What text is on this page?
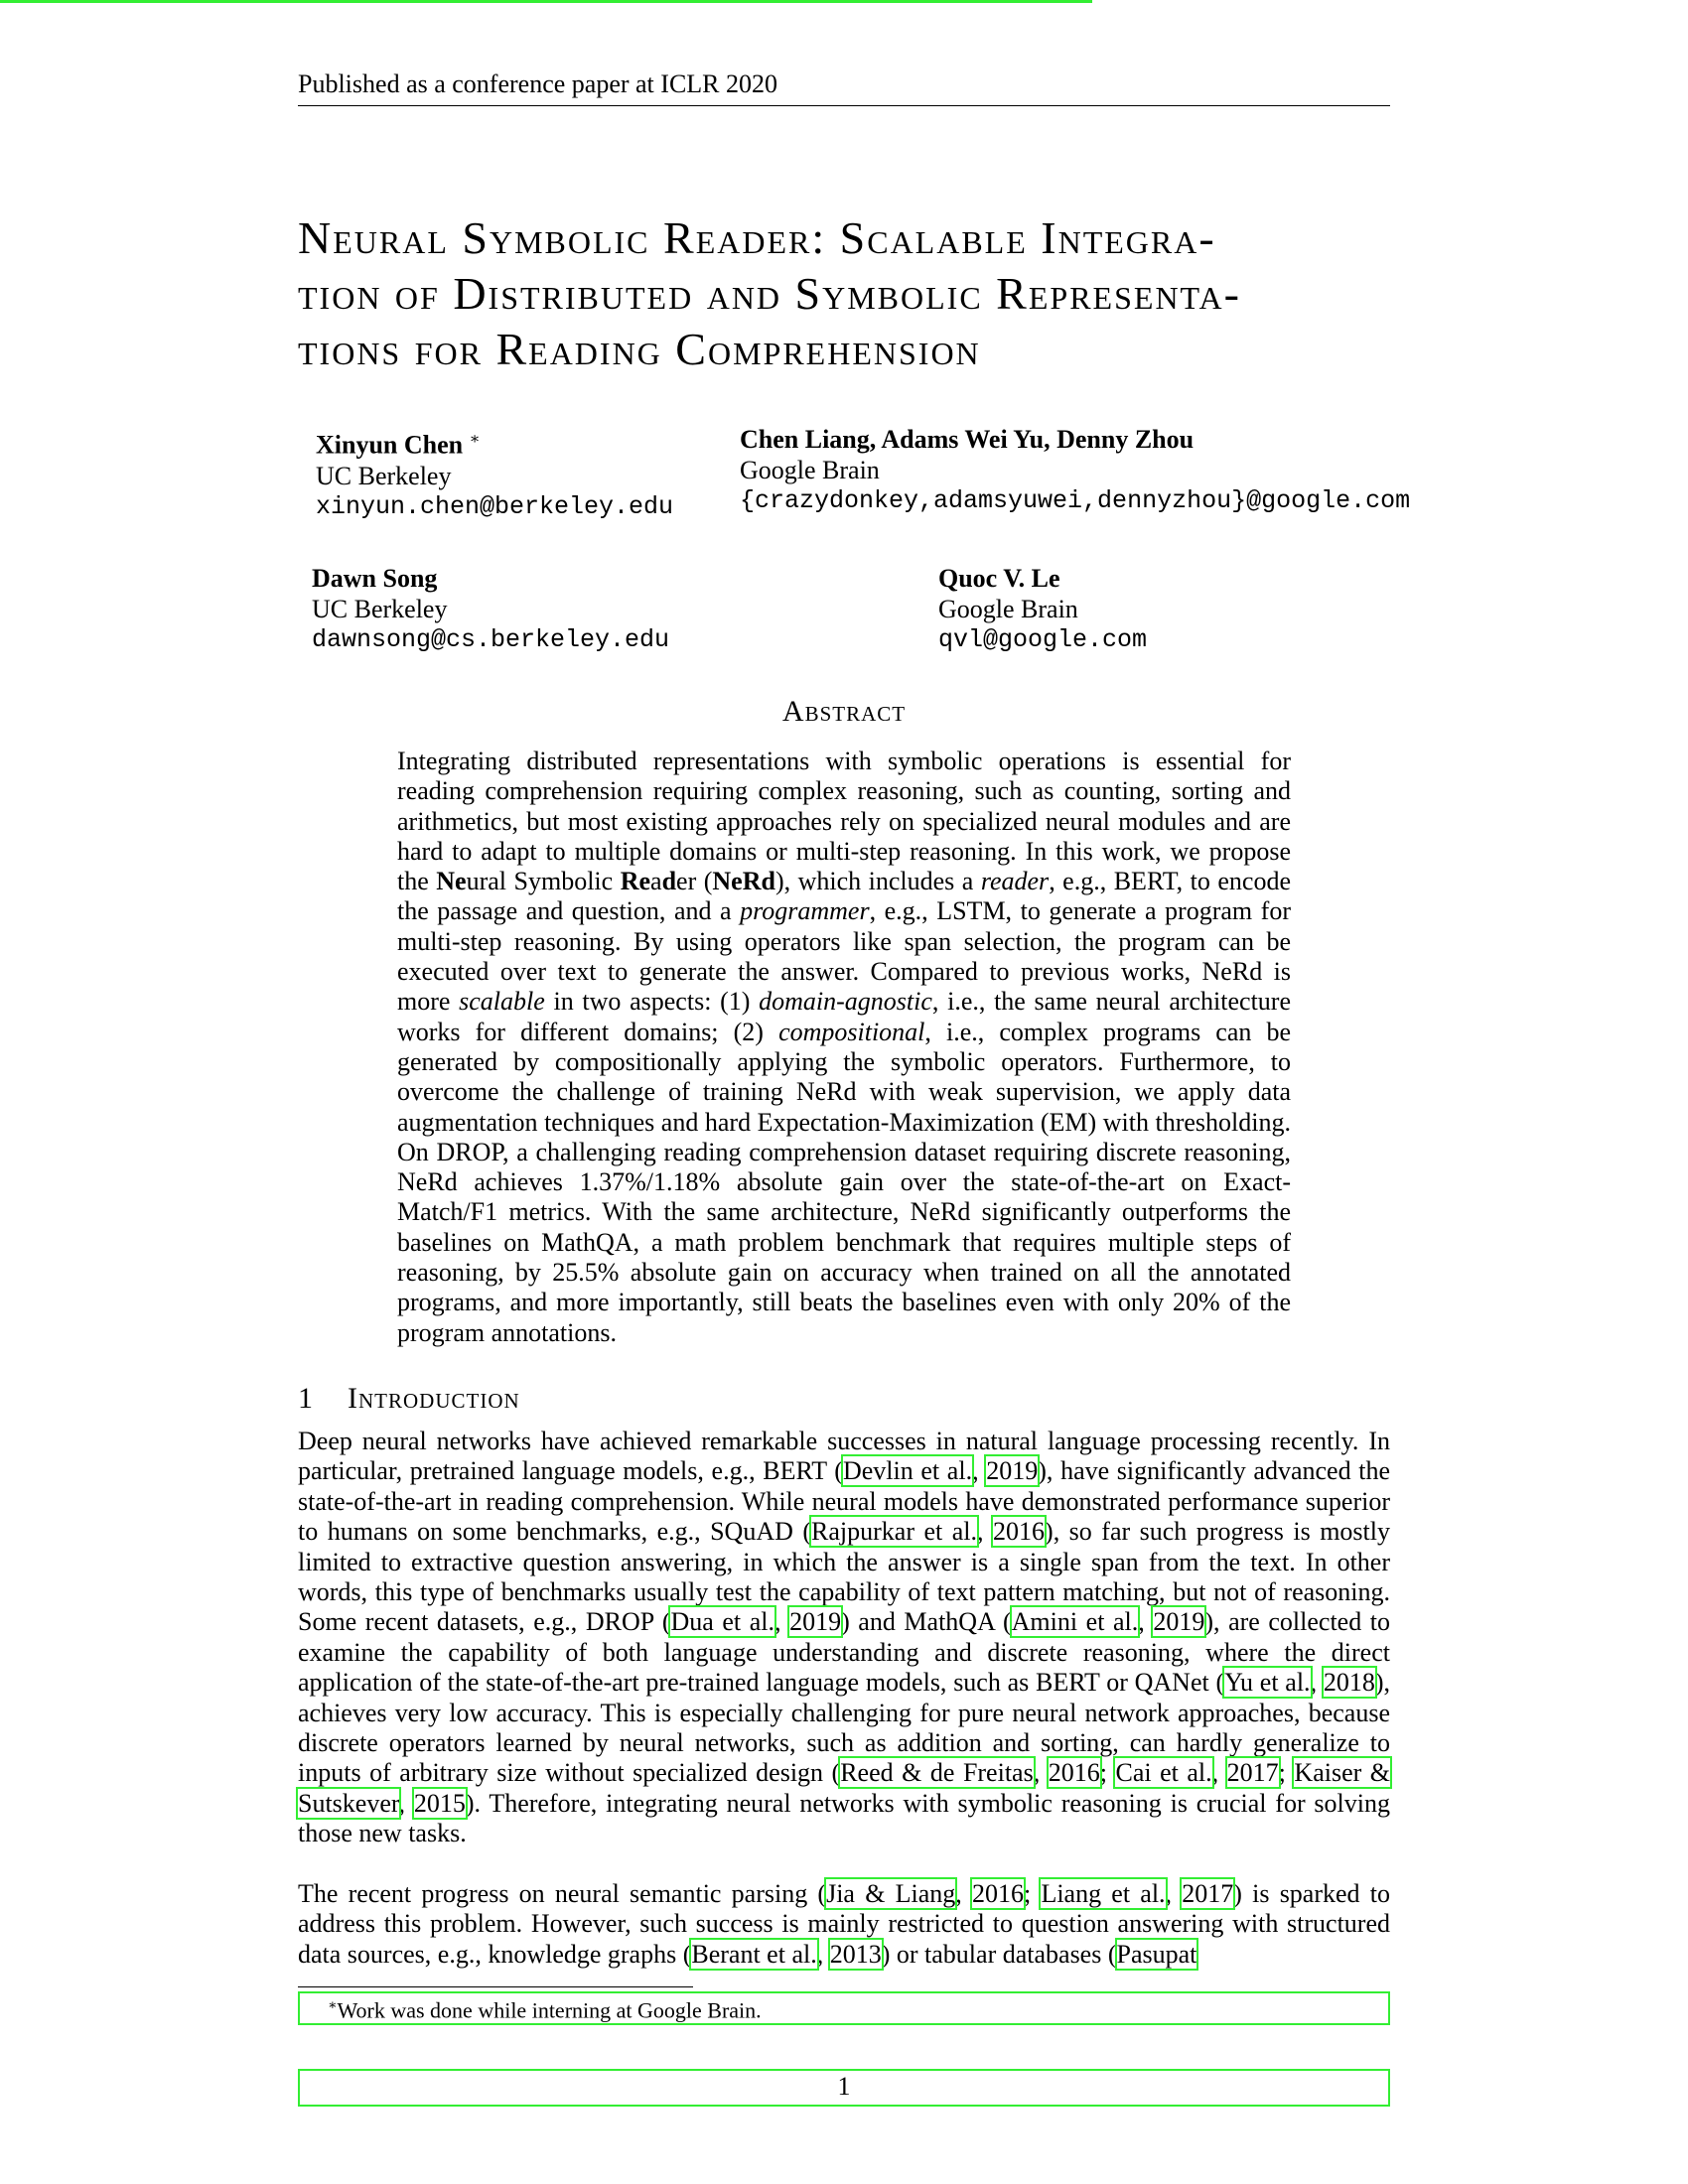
Published as a conference paper at ICLR 2020
Neural Symbolic Reader: Scalable Integra-
tion of Distributed and Symbolic Representa-
tions for Reading Comprehension
Xinyun Chen ∗
UC Berkeley
xinyun.chen@berkeley.edu
Chen Liang, Adams Wei Yu, Denny Zhou
Google Brain
{crazydonkey,adamsyuwei,dennyzhou}@google.com
Dawn Song
UC Berkeley
dawnsong@cs.berkeley.edu
Quoc V. Le
Google Brain
qvl@google.com
Abstract
Integrating distributed representations with symbolic operations is essential for reading comprehension requiring complex reasoning, such as counting, sorting and arithmetics, but most existing approaches rely on specialized neural modules and are hard to adapt to multiple domains or multi-step reasoning. In this work, we propose the Neural Symbolic Reader (NeRd), which includes a reader, e.g., BERT, to encode the passage and question, and a programmer, e.g., LSTM, to generate a program for multi-step reasoning. By using operators like span selection, the program can be executed over text to generate the answer. Compared to previous works, NeRd is more scalable in two aspects: (1) domain-agnostic, i.e., the same neural architecture works for different domains; (2) compositional, i.e., complex programs can be generated by compositionally applying the symbolic operators. Furthermore, to overcome the challenge of training NeRd with weak supervision, we apply data augmentation techniques and hard Expectation-Maximization (EM) with thresholding. On DROP, a challenging reading comprehension dataset requiring discrete reasoning, NeRd achieves 1.37%/1.18% absolute gain over the state-of-the-art on Exact-Match/F1 metrics. With the same architecture, NeRd significantly outperforms the baselines on MathQA, a math problem benchmark that requires multiple steps of reasoning, by 25.5% absolute gain on accuracy when trained on all the annotated programs, and more importantly, still beats the baselines even with only 20% of the program annotations.
1 Introduction
Deep neural networks have achieved remarkable successes in natural language processing recently. In particular, pretrained language models, e.g., BERT (Devlin et al., 2019), have significantly advanced the state-of-the-art in reading comprehension. While neural models have demonstrated performance superior to humans on some benchmarks, e.g., SQuAD (Rajpurkar et al., 2016), so far such progress is mostly limited to extractive question answering, in which the answer is a single span from the text. In other words, this type of benchmarks usually test the capability of text pattern matching, but not of reasoning. Some recent datasets, e.g., DROP (Dua et al., 2019) and MathQA (Amini et al., 2019), are collected to examine the capability of both language understanding and discrete reasoning, where the direct application of the state-of-the-art pre-trained language models, such as BERT or QANet (Yu et al., 2018), achieves very low accuracy. This is especially challenging for pure neural network approaches, because discrete operators learned by neural networks, such as addition and sorting, can hardly generalize to inputs of arbitrary size without specialized design (Reed & de Freitas, 2016; Cai et al., 2017; Kaiser & Sutskever, 2015). Therefore, integrating neural networks with symbolic reasoning is crucial for solving those new tasks.
The recent progress on neural semantic parsing (Jia & Liang, 2016; Liang et al., 2017) is sparked to address this problem. However, such success is mainly restricted to question answering with structured data sources, e.g., knowledge graphs (Berant et al., 2013) or tabular databases (Pasupat
∗Work was done while interning at Google Brain.
1
